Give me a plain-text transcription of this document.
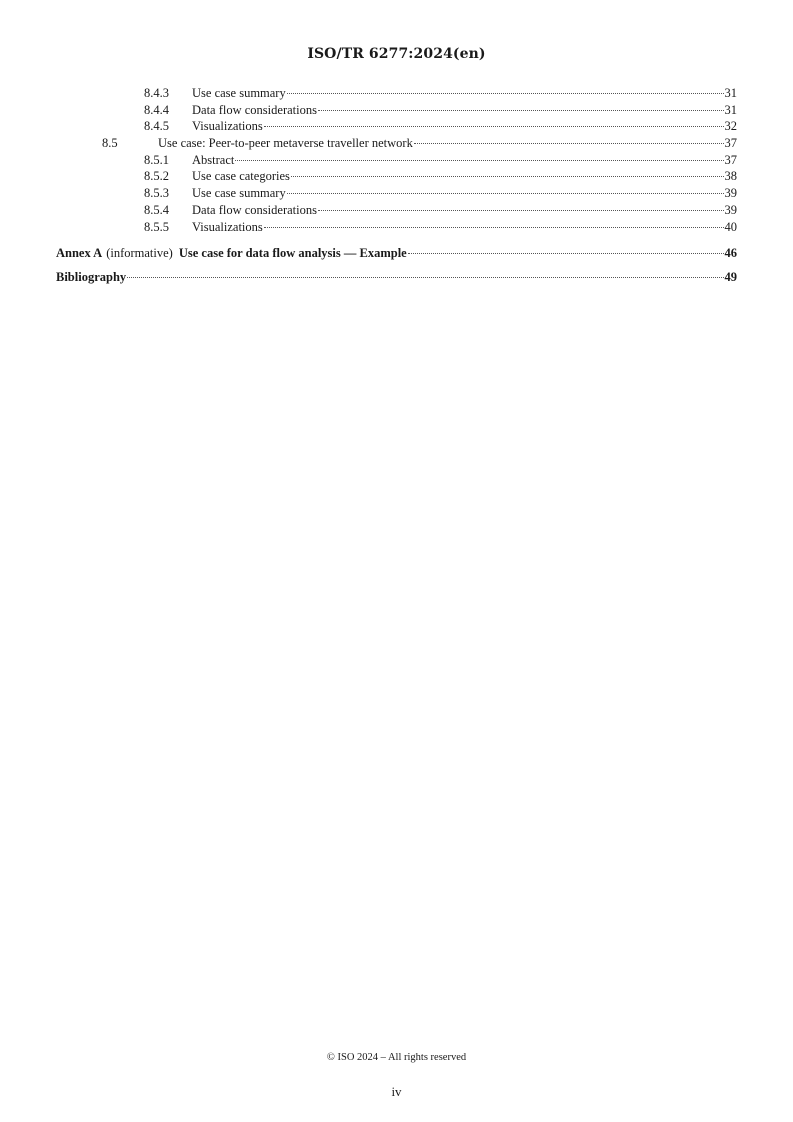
ISO/TR 6277:2024(en)
8.4.3	Use case summary	31
8.4.4	Data flow considerations	31
8.4.5	Visualizations	32
8.5	Use case: Peer-to-peer metaverse traveller network	37
8.5.1	Abstract	37
8.5.2	Use case categories	38
8.5.3	Use case summary	39
8.5.4	Data flow considerations	39
8.5.5	Visualizations	40
Annex A (informative) Use case for data flow analysis — Example	46
Bibliography	49
© ISO 2024 – All rights reserved
iv
